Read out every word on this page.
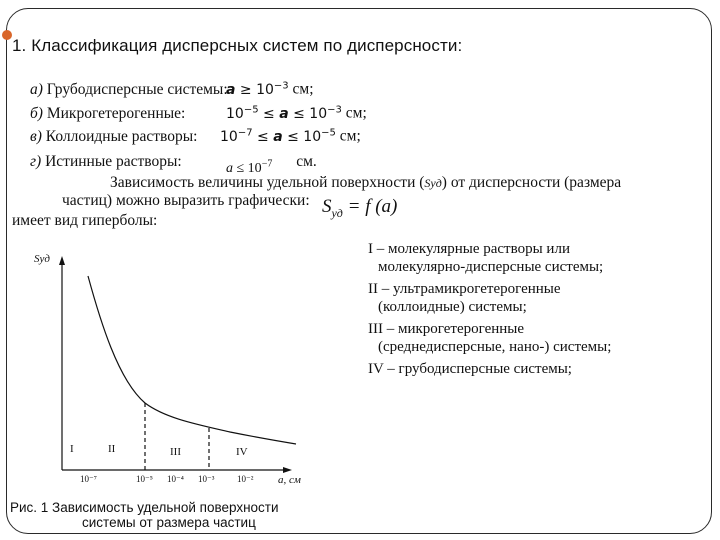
1. Классификация дисперсных систем по дисперсности:
а) Грубодисперсные системы:a ≥ $10^{-3}$ см;
б) Микрогетерогенные:	$10^{-5} \le a \le 10^{-3}$ см;
в) Коллоидные растворы: $10^{-7} \le a \le 10^{-5}$ см;
г) Истинные растворы:	$a \le 10^{-7}$ см.
Зависимость величины удельной поверхности (Sуд) от дисперсности (размера
частиц) можно выразить графически:
имеет вид гиперболы:
$S_{уд} = f$ (a)
I – молекулярные растворы или
молекулярно-дисперсные системы;
II – ультрамикрогетерогенные
(коллоидные) системы;
III – микрогетерогенные
(среднедисперсные, нано-) системы;
IV – грубодисперсные системы;
Sуд
a, см
I	II	III	IV
10⁻⁷	10⁻⁵ 10⁻⁴ 10⁻³	10⁻²
Рис. 1 Зависимость удельной поверхности
системы от размера частиц
